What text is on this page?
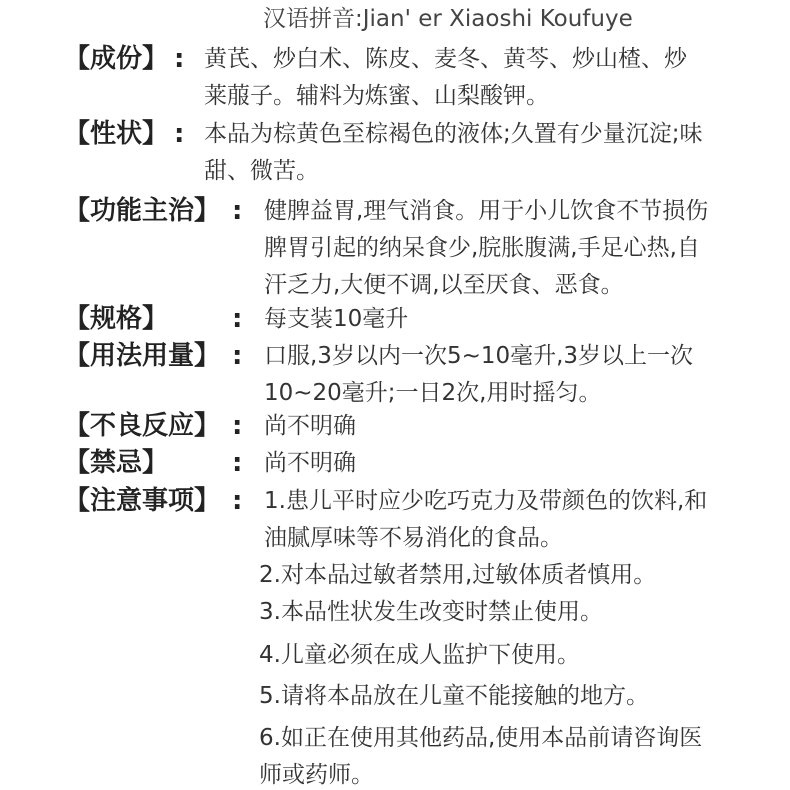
汉语拼音:Jian' er Xiaoshi Koufuye
【成份】 : 黄芪、炒白术、陈皮、麦冬、黄芩、炒山楂、炒
莱菔子。辅料为炼蜜、山梨酸钾。
【性状】 : 本品为棕黄色至棕褐色的液体;久置有少量沉淀;味
甜、微苦。
【功能主治】 : 健脾益胃,理气消食。用于小儿饮食不节损伤
脾胃引起的纳呆食少,脘胀腹满,手足心热,自
汗乏力,大便不调,以至厌食、恶食。
【规 格】 : 每支装10毫升
【用法用量】 : 口服,3岁以内一次5~10毫升,3岁以上一次
10~20毫升;一日2次,用时摇匀。
【不良反应】 : 尚不明确
【禁 忌】 : 尚不明确
【注意事项】 : 1.患儿平时应少吃巧克力及带颜色的饮料,和
油腻厚味等不易消化的食品。
2.对本品过敏者禁用,过敏体质者慎用。
3.本品性状发生改变时禁止使用。
4.儿童必须在成人监护下使用。
5.请将本品放在儿童不能接触的地方。
6.如正在使用其他药品,使用本品前请咨询医
师或药师。
